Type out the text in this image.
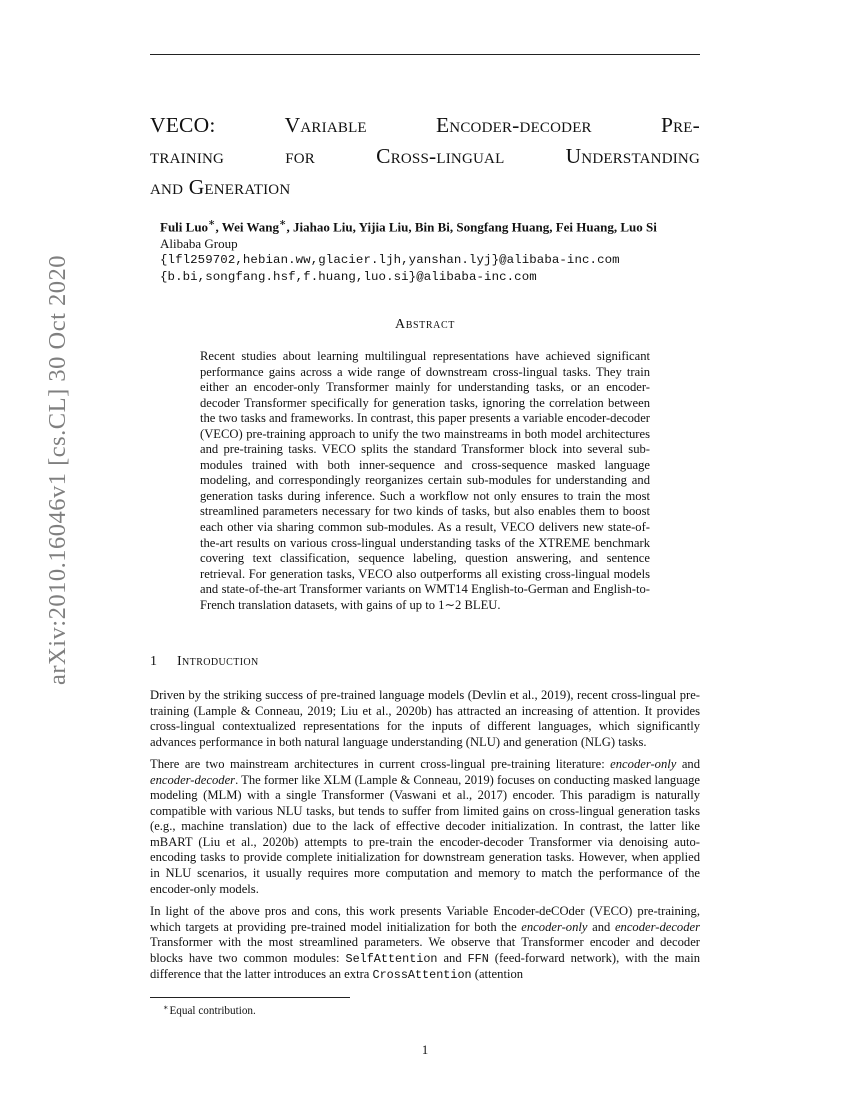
arXiv:2010.16046v1 [cs.CL] 30 Oct 2020
VECO: Variable	Encoder-decoder	Pre-
training	for	Cross-lingual	Understanding
and Generation
Fuli Luo∗, Wei Wang∗, Jiahao Liu, Yijia Liu, Bin Bi, Songfang Huang, Fei Huang, Luo Si
Alibaba Group
{lfl259702,hebian.ww,glacier.ljh,yanshan.lyj}@alibaba-inc.com
{b.bi,songfang.hsf,f.huang,luo.si}@alibaba-inc.com
Abstract

Recent studies about learning multilingual representations have achieved significant performance gains across a wide range of downstream cross-lingual tasks. They train either an encoder-only Transformer mainly for understanding tasks, or an encoder-decoder Transformer specifically for generation tasks, ignoring the correlation between the two tasks and frameworks. In contrast, this paper presents a variable encoder-decoder (VECO) pre-training approach to unify the two mainstreams in both model architectures and pre-training tasks. VECO splits the standard Transformer block into several sub-modules trained with both inner-sequence and cross-sequence masked language modeling, and correspondingly reorganizes certain sub-modules for understanding and generation tasks during inference. Such a workflow not only ensures to train the most streamlined parameters necessary for two kinds of tasks, but also enables them to boost each other via sharing common sub-modules. As a result, VECO delivers new state-of-the-art results on various cross-lingual understanding tasks of the XTREME benchmark covering text classification, sequence labeling, question answering, and sentence retrieval. For generation tasks, VECO also outperforms all existing cross-lingual models and state-of-the-art Transformer variants on WMT14 English-to-German and English-to-French translation datasets, with gains of up to 1∼2 BLEU.

1 Introduction

Driven by the striking success of pre-trained language models (Devlin et al., 2019), recent cross-lingual pre-training (Lample & Conneau, 2019; Liu et al., 2020b) has attracted an increasing of attention. It provides cross-lingual contextualized representations for the inputs of different languages, which significantly advances performance in both natural language understanding (NLU) and generation (NLG) tasks.

There are two mainstream architectures in current cross-lingual pre-training literature: encoder-only and encoder-decoder. The former like XLM (Lample & Conneau, 2019) focuses on conducting masked language modeling (MLM) with a single Transformer (Vaswani et al., 2017) encoder. This paradigm is naturally compatible with various NLU tasks, but tends to suffer from limited gains on cross-lingual generation tasks (e.g., machine translation) due to the lack of effective decoder initialization. In contrast, the latter like mBART (Liu et al., 2020b) attempts to pre-train the encoder-decoder Transformer via denoising auto-encoding tasks to provide complete initialization for downstream generation tasks. However, when applied in NLU scenarios, it usually requires more computation and memory to match the performance of the encoder-only models.

In light of the above pros and cons, this work presents Variable Encoder-deCOder (VECO) pre-training, which targets at providing pre-trained model initialization for both the encoder-only and encoder-decoder Transformer with the most streamlined parameters. We observe that Transformer encoder and decoder blocks have two common modules: SelfAttention and FFN (feed-forward network), with the main difference that the latter introduces an extra CrossAttention (attention

∗Equal contribution.
1
